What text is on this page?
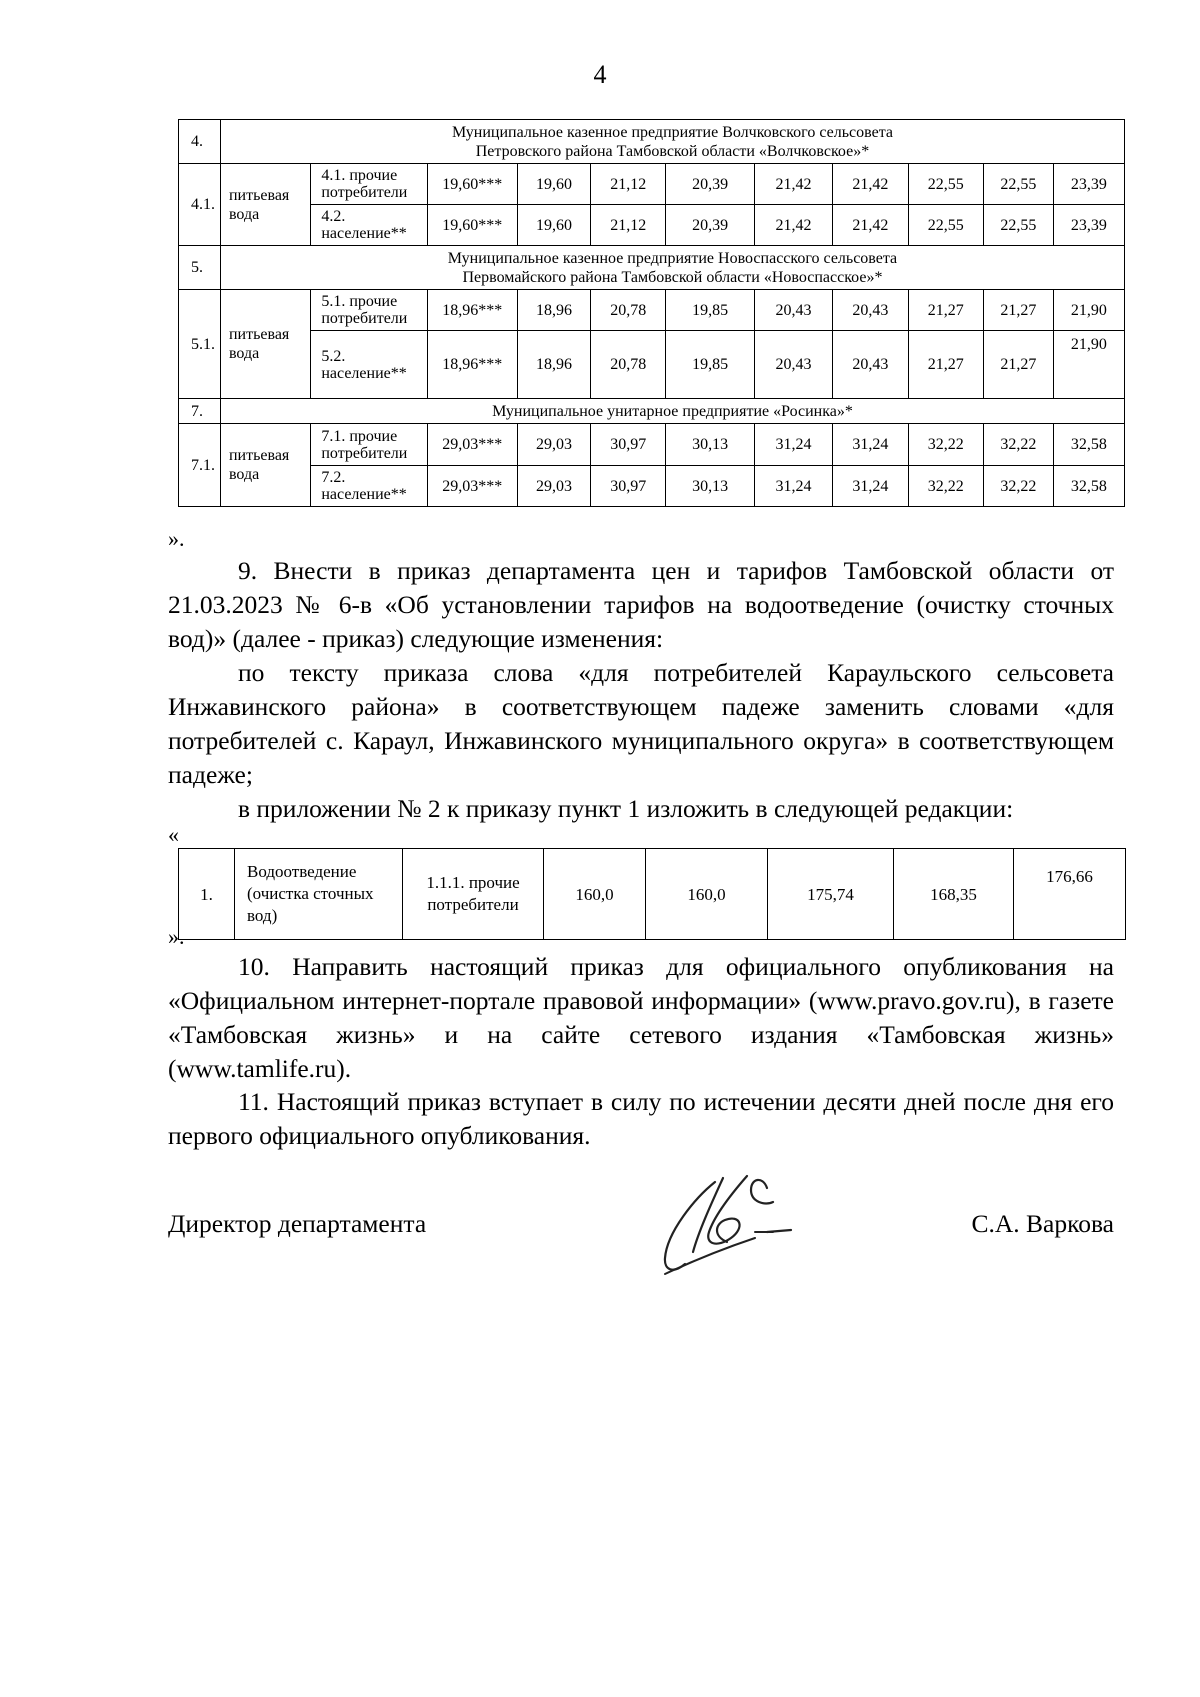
4
4.	Муниципальное казенное предприятие Волчковского сельсовета
Петровского района Тамбовской области «Волчковское»*										

4.1.	питьевая вода	4.1. прочие потребители	19,60***	19,60	21,12	20,39	21,42	21,42	22,55	22,55	23,39
		4.2. население**	19,60***	19,60	21,12	20,39	21,42	21,42	22,55	22,55	23,39
5.	Муниципальное казенное предприятие Новоспасского сельсовета
Первомайского района Тамбовской области «Новоспасское»*										

5.1.	питьевая вода	5.1. прочие потребители	18,96***	18,96	20,78	19,85	20,43	20,43	21,27	21,27	21,90
		5.2. население**	18,96***	18,96	20,78	19,85	20,43	20,43	21,27	21,27	21,90
7.	Муниципальное унитарное предприятие «Росинка»*										

7.1.	питьевая вода	7.1. прочие потребители	29,03***	29,03	30,97	30,13	31,24	31,24	32,22	32,22	32,58
		7.2. население**	29,03***	29,03	30,97	30,13	31,24	31,24	32,22	32,22	32,58
».

9. Внести в приказ департамента цен и тарифов Тамбовской области от 21.03.2023 № 6-в «Об установлении тарифов на водоотведение (очистку сточных вод)» (далее - приказ) следующие изменения:

по тексту приказа слова «для потребителей Караульского сельсовета Инжавинского района» в соответствующем падеже заменить словами «для потребителей с. Караул, Инжавинского муниципального округа» в соответствующем падеже;

в приложении № 2 к приказу пункт 1 изложить в следующей редакции:

«
1.	Водоотведение (очистка сточных вод)	1.1.1. прочие потребители	160,0	160,0	175,74	168,35	176,66
».

10. Направить настоящий приказ для официального опубликования на «Официальном интернет-портале правовой информации» (www.pravo.gov.ru), в газете «Тамбовская жизнь» и на сайте сетевого издания «Тамбовская жизнь» (www.tamlife.ru).

11. Настоящий приказ вступает в силу по истечении десяти дней после дня его первого официального опубликования.

Директор департамента	С.А. Варкова
